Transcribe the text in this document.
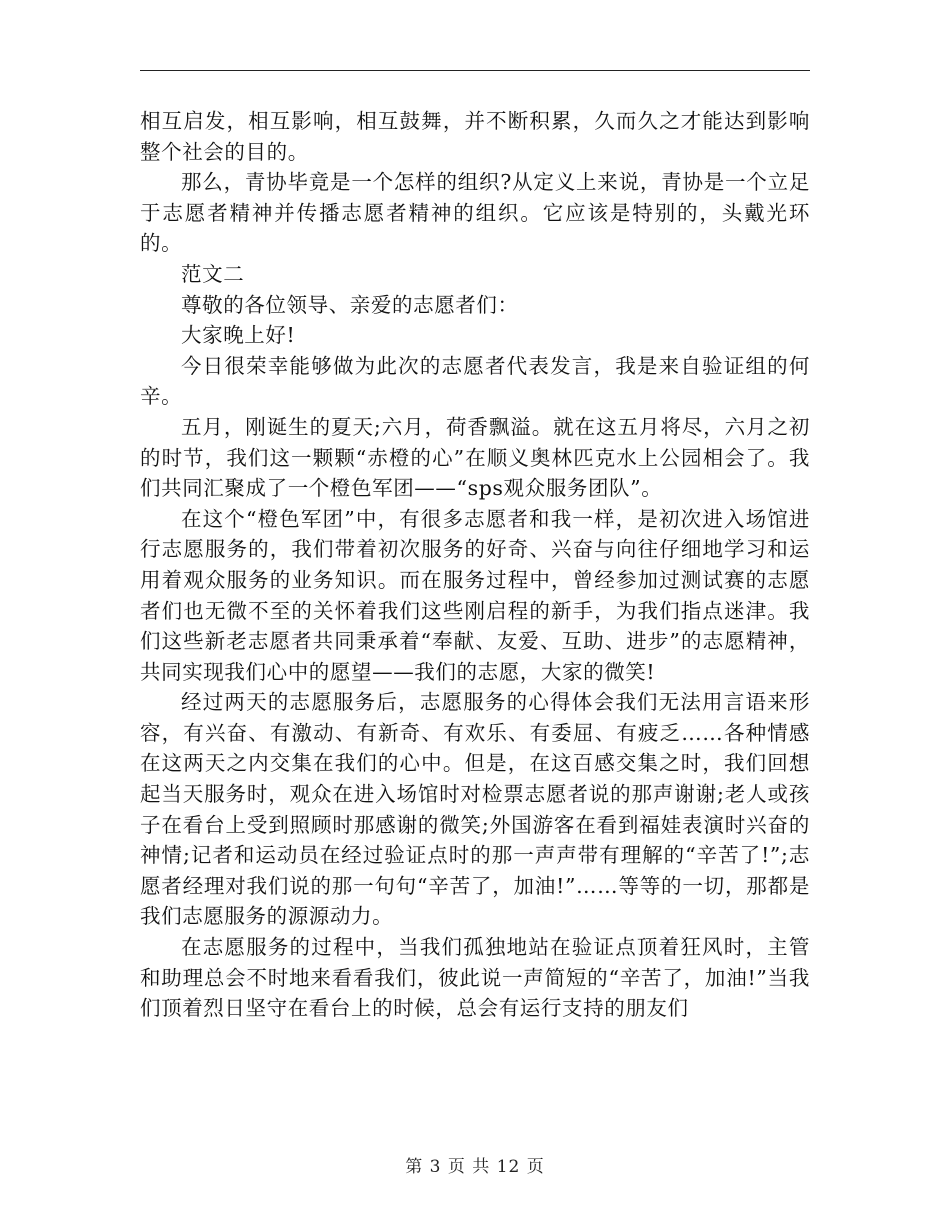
相互启发，相互影响，相互鼓舞，并不断积累，久而久之才能达到影响整个社会的目的。

那么，青协毕竟是一个怎样的组织?从定义上来说，青协是一个立足于志愿者精神并传播志愿者精神的组织。它应该是特别的，头戴光环的。

范文二

尊敬的各位领导、亲爱的志愿者们：

大家晚上好!

今日很荣幸能够做为此次的志愿者代表发言，我是来自验证组的何辛。

五月，刚诞生的夏天;六月，荷香飘溢。就在这五月将尽，六月之初的时节，我们这一颗颗“赤橙的心”在顺义奥林匹克水上公园相会了。我们共同汇聚成了一个橙色军团——“sps观众服务团队”。

在这个“橙色军团”中，有很多志愿者和我一样，是初次进入场馆进行志愿服务的，我们带着初次服务的好奇、兴奋与向往仔细地学习和运用着观众服务的业务知识。而在服务过程中，曾经参加过测试赛的志愿者们也无微不至的关怀着我们这些刚启程的新手，为我们指点迷津。我们这些新老志愿者共同秉承着“奉献、友爱、互助、进步”的志愿精神，共同实现我们心中的愿望——我们的志愿，大家的微笑!

经过两天的志愿服务后，志愿服务的心得体会我们无法用言语来形容，有兴奋、有激动、有新奇、有欢乐、有委屈、有疲乏……各种情感在这两天之内交集在我们的心中。但是，在这百感交集之时，我们回想起当天服务时，观众在进入场馆时对检票志愿者说的那声谢谢;老人或孩子在看台上受到照顾时那感谢的微笑;外国游客在看到福娃表演时兴奋的神情;记者和运动员在经过验证点时的那一声声带有理解的“辛苦了!”;志愿者经理对我们说的那一句句“辛苦了，加油!”……等等的一切，那都是我们志愿服务的源源动力。

在志愿服务的过程中，当我们孤独地站在验证点顶着狂风时，主管和助理总会不时地来看看我们，彼此说一声简短的“辛苦了，加油!”当我们顶着烈日坚守在看台上的时候，总会有运行支持的朋友们

第 3 页 共 12 页
